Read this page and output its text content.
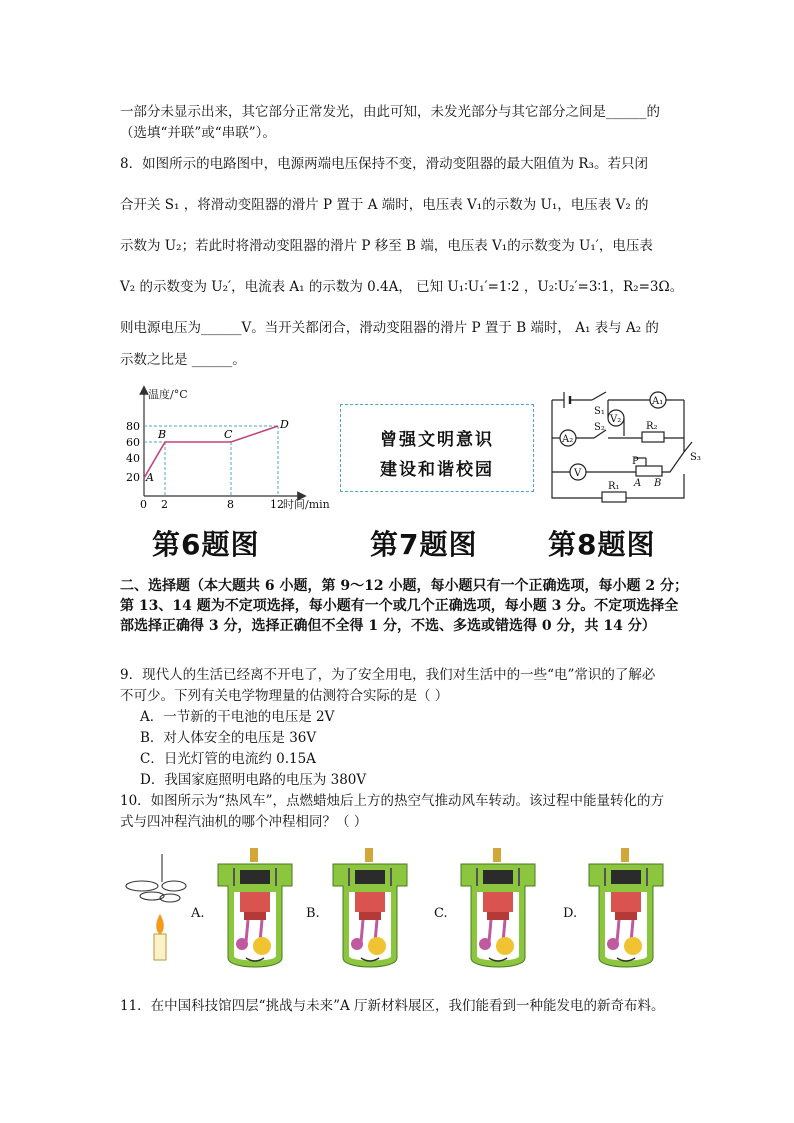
一部分未显示出来，其它部分正常发光，由此可知，未发光部分与其它部分之间是______的
（选填“并联”或“串联”）。
8．如图所示的电路图中，电源两端电压保持不变，滑动变阻器的最大阻值为 R₃。若只闭
合开关 S₁ ，将滑动变阻器的滑片 P 置于 A 端时，电压表 V₁的示数为 U₁，电压表 V₂ 的
示数为 U₂；若此时将滑动变阻器的滑片 P 移至 B 端，电压表 V₁的示数变为 U₁′，电压表
V₂ 的示数变为 U₂′，电流表 A₁ 的示数为 0.4A， 已知 U₁∶U₁′=1∶2 ，U₂∶U₂′=3∶1，R₂=3Ω。
则电源电压为______V。当开关都闭合，滑动变阻器的滑片 P 置于 B 端时， A₁ 表与 A₂ 的
示数之比是 ______。
温度/°C
时间/min
20
40
60
80
0 2	8	12
A
B	C
D
曾强文明意识
建设和谐校园
S₁
S₂
S₃
V₂
A₁
A₂
V
R₂
R₁
P
A B
第6题图	第7题图	第8题图
二、选择题（本大题共 6 小题，第 9～12 小题，每小题只有一个正确选项，每小题 2 分；第 13、14 题为不定项选择，每小题有一个或几个正确选项，每小题 3 分。不定项选择全部选择正确得 3 分，选择正确但不全得 1 分，不选、多选或错选得 0 分，共 14 分）
9．现代人的生活已经离不开电了，为了安全用电，我们对生活中的一些“电”常识的了解必
不可少。下列有关电学物理量的估测符合实际的是（ ）
A．一节新的干电池的电压是 2V
B．对人体安全的电压是 36V
C．日光灯管的电流约 0.15A
D．我国家庭照明电路的电压为 380V
10．如图所示为“热风车”，点燃蜡烛后上方的热空气推动风车转动。该过程中能量转化的方
式与四冲程汽油机的哪个冲程相同？（ ）
A.	B.	C.	D.
11．在中国科技馆四层“挑战与未来”A 厅新材料展区，我们能看到一种能发电的新奇布料。
